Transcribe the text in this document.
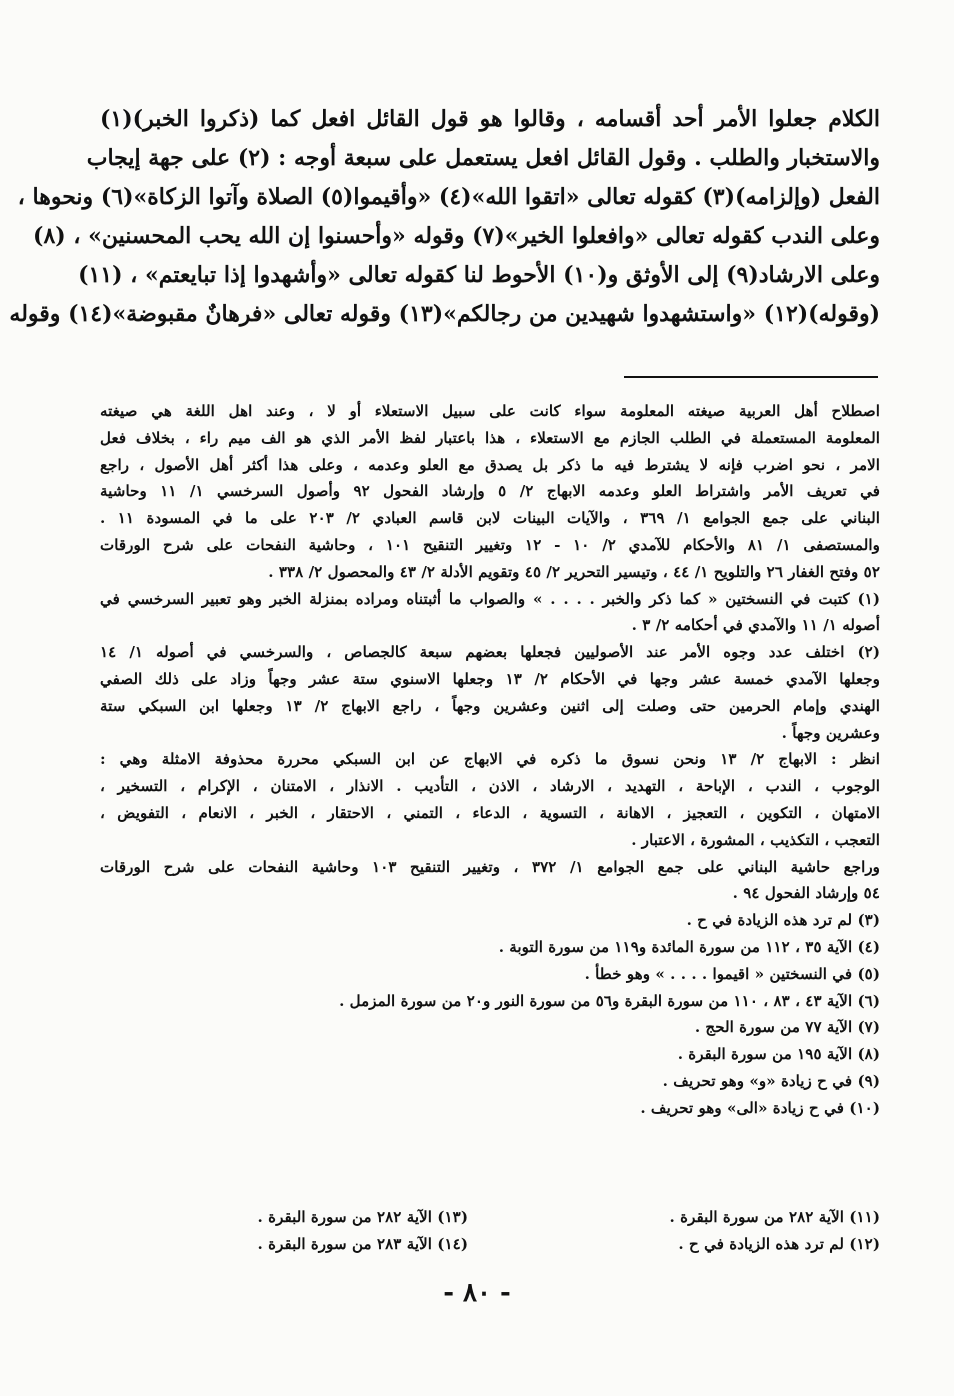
الكلام جعلوا الأمر أحد أقسامه ، وقالوا هو قول القائل افعل كما (ذكروا الخبر)(١)
والاستخبار والطلب . وقول القائل افعل يستعمل على سبعة أوجه : (٢) على جهة إيجاب
الفعل (وإلزامه)(٣) كقوله تعالى «اتقوا الله»(٤) «وأقيموا(٥) الصلاة وآتوا الزكاة»(٦) ونحوها ،
وعلى الندب كقوله تعالى «وافعلوا الخير»(٧) وقوله «وأحسنوا إن الله يحب المحسنين» ، (٨)
وعلى الارشاد(٩) إلى الأوثق و(١٠) الأحوط لنا كقوله تعالى «وأشهدوا إذا تبايعتم» ، (١١)
(وقوله)(١٢) «واستشهدوا شهيدين من رجالكم»(١٣) وقوله تعالى «فرهانٌ مقبوضة»(١٤) وقوله
اصطلاح أهل العربية صيغته المعلومة سواء كانت على سبيل الاستعلاء أو لا ، وعند اهل اللغة هي صيغته
المعلومة المستعملة في الطلب الجازم مع الاستعلاء ، هذا باعتبار لفظ الأمر الذي هو الف ميم راء ، بخلاف فعل
الامر ، نحو اضرب فإنه لا يشترط فيه ما ذكر بل يصدق مع العلو وعدمه ، وعلى هذا أكثر أهل الأصول ، راجع
في تعريف الأمر واشتراط العلو وعدمه الابهاج ٢/ ٥ وإرشاد الفحول ٩٢ وأصول السرخسي ١/ ١١ وحاشية
البناني على جمع الجوامع ١/ ٣٦٩ ، والآيات البينات لابن قاسم العبادي ٢/ ٢٠٣ على ما في المسودة ١١ .
والمستصفى ١/ ٨١ والأحكام للآمدي ٢/ ١٠ - ١٢ وتغيير التنقيح ١٠١ ، وحاشية النفحات على شرح الورقات
٥٢ وفتح الغفار ٢٦ والتلويح ١/ ٤٤ ، وتيسير التحرير ٢/ ٤٥ وتقويم الأدلة ٢/ ٤٣ والمحصول ٢/ ٣٣٨ .
(١) كتبت في النسختين « كما ذكر والخبر . . . . » والصواب ما أثبتناه ومراده بمنزلة الخبر وهو تعبير السرخسي في
أصوله ١/ ١١ والآمدي في أحكامه ٢/ ٣ .
(٢) اختلف عدد وجوه الأمر عند الأصوليين فجعلها بعضهم سبعة كالجصاص ، والسرخسي في أصوله ١/ ١٤
وجعلها الآمدي خمسة عشر وجها في الأحكام ٢/ ١٣ وجعلها الاسنوي ستة عشر وجهاً وزاد على ذلك الصفي
الهندي وإمام الحرمين حتى وصلت إلى اثنين وعشرين وجهاً ، راجع الابهاج ٢/ ١٣ وجعلها ابن السبكي ستة
وعشرين وجهاً .
انظر : الابهاج ٢/ ١٣ ونحن نسوق ما ذكره في الابهاج عن ابن السبكي محررة محذوفة الامثلة وهي :
الوجوب ، الندب ، الإباحة ، التهديد ، الارشاد ، الاذن ، التأديب . الانذار ، الامتنان ، الإكرام ، التسخير ،
الامتهان ، التكوين ، التعجيز ، الاهانة ، التسوية ، الدعاء ، التمني ، الاحتقار ، الخبر ، الانعام ، التفويض ،
التعجب ، التكذيب ، المشورة ، الاعتبار .
وراجع حاشية البناني على جمع الجوامع ١/ ٣٧٢ ، وتغيير التنقيح ١٠٣ وحاشية النفحات على شرح الورقات
٥٤ وإرشاد الفحول ٩٤ .
(٣) لم ترد هذه الزيادة في ح .
(٤) الآية ٣٥ ، ١١٢ من سورة المائدة و١١٩ من سورة التوبة .
(٥) في النسختين « اقيموا . . . . » وهو خطأ .
(٦) الآية ٤٣ ، ٨٣ ، ١١٠ من سورة البقرة و٥٦ من سورة النور و٢٠ من سورة المزمل .
(٧) الآية ٧٧ من سورة الحج .
(٨) الآية ١٩٥ من سورة البقرة .
(٩) في ح زيادة «و» وهو تحريف .
(١٠) في ح زيادة «الى» وهو تحريف .
(١١) الآية ٢٨٢ من سورة البقرة .
(١٢) لم ترد هذه الزيادة في ح .
(١٣) الآية ٢٨٢ من سورة البقرة .
(١٤) الآية ٢٨٣ من سورة البقرة .
- ٨٠ -
